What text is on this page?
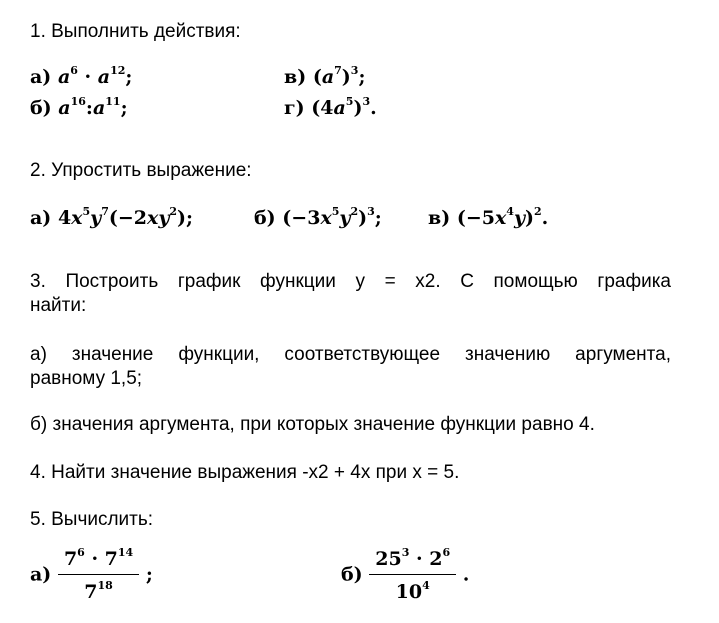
1. Выполнить действия:
а) $a^6 \cdot a^{12}$;
б) $a^{16}:a^{11}$;
в) $(a^7)^3$;
г) $(4a^5)^3$.
2. Упростить выражение:
а) $4x^5y^7(-2xy^2)$;	б) $(-3x^5y^2)^3$; в) $(-5x^4y)^2$.
3. Построить график функции у = х2. С помощью графика
найти:
а) значение функции, соответствующее значению аргумента,
равному 1,5;
б) значения аргумента, при которых значение функции равно 4.
4. Найти значение выражения -х2 + 4х при х = 5.
5. Вычислить:
$а) \frac{7^6 \cdot 7^{14}}{7^{18}}$ ;	$б) \frac{25^3 \cdot 2^6}{10^4}$ .
